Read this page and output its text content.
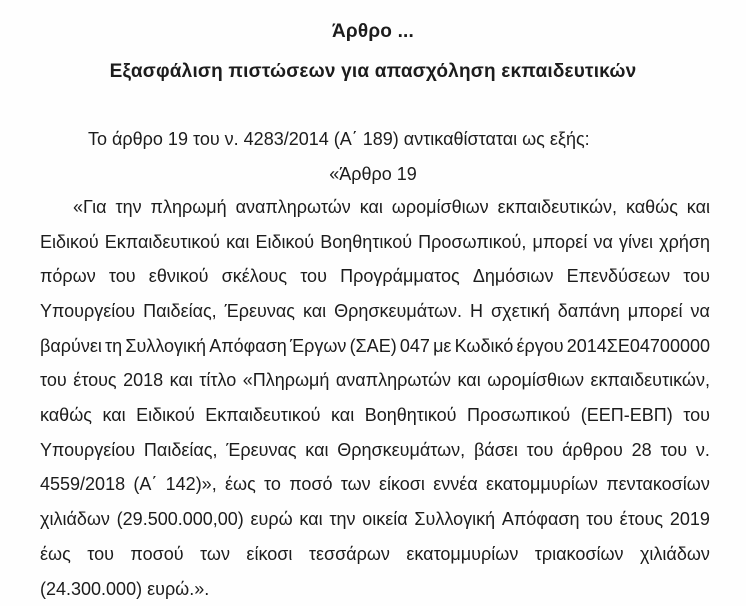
Άρθρο ...
Εξασφάλιση πιστώσεων για απασχόληση εκπαιδευτικών
Το άρθρο 19 του ν. 4283/2014 (Α΄ 189) αντικαθίσταται ως εξής:
«Άρθρο 19
«Για την πληρωμή αναπληρωτών και ωρομίσθιων εκπαιδευτικών, καθώς και
Ειδικού Εκπαιδευτικού και Ειδικού Βοηθητικού Προσωπικού, μπορεί να γίνει χρήση
πόρων του εθνικού σκέλους του Προγράμματος Δημόσιων Επενδύσεων του
Υπουργείου Παιδείας, Έρευνας και Θρησκευμάτων. Η σχετική δαπάνη μπορεί να
βαρύνει τη Συλλογική Απόφαση Έργων (ΣΑΕ) 047 με Κωδικό έργου 2014ΣΕ04700000
του έτους 2018 και τίτλο «Πληρωμή αναπληρωτών και ωρομίσθιων εκπαιδευτικών,
καθώς και Ειδικού Εκπαιδευτικού και Βοηθητικού Προσωπικού (ΕΕΠ-ΕΒΠ) του
Υπουργείου Παιδείας, Έρευνας και Θρησκευμάτων, βάσει του άρθρου 28 του ν.
4559/2018 (Α΄ 142)», έως το ποσό των είκοσι εννέα εκατομμυρίων πεντακοσίων
χιλιάδων (29.500.000,00) ευρώ και την οικεία Συλλογική Απόφαση του έτους 2019
έως του ποσού των είκοσι τεσσάρων εκατομμυρίων τριακοσίων χιλιάδων
(24.300.000) ευρώ.».
